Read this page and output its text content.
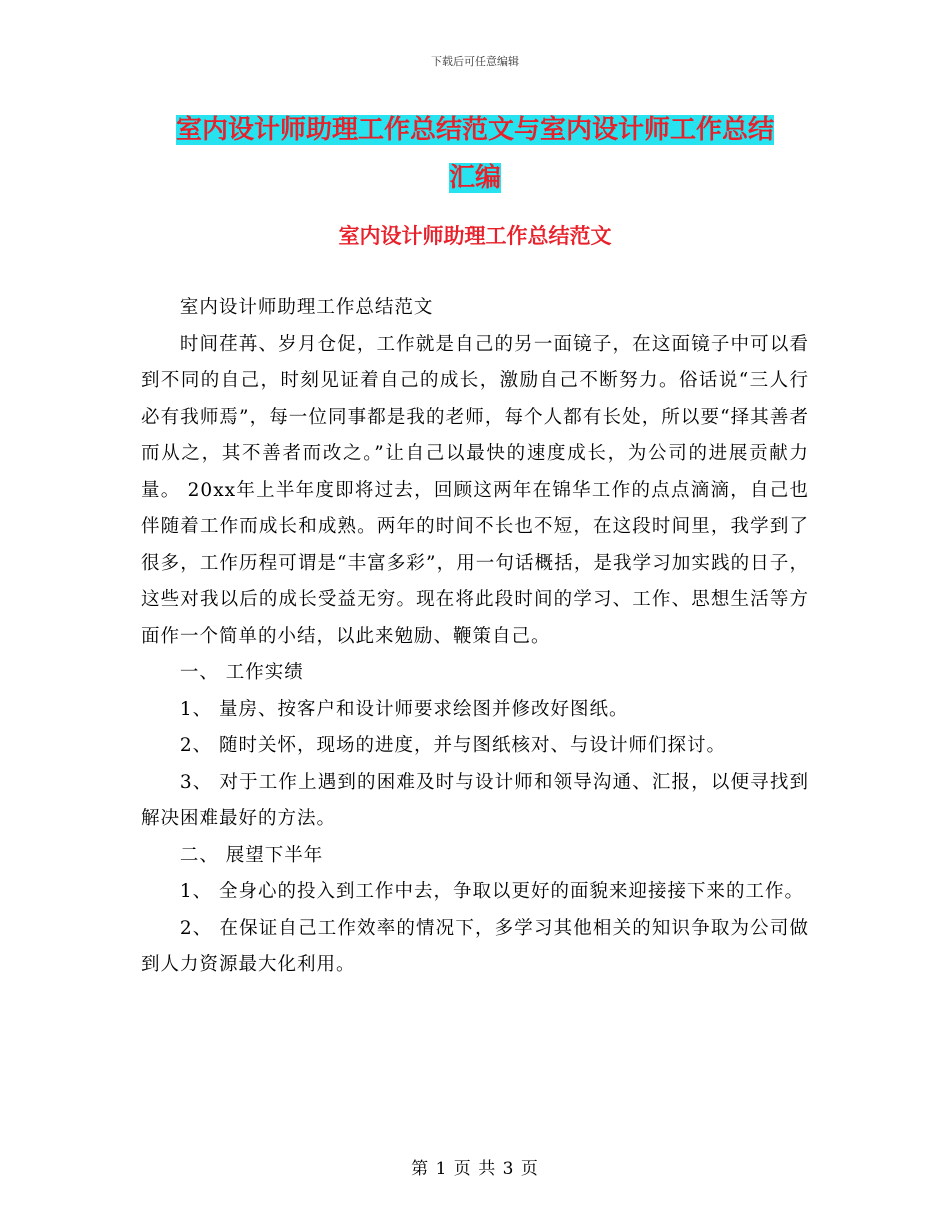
下载后可任意编辑
室内设计师助理工作总结范文与室内设计师工作总结
汇编
室内设计师助理工作总结范文

室内设计师助理工作总结范文

时间荏苒、岁月仓促，工作就是自己的另一面镜子，在这面镜子中可以看到不同的自己，时刻见证着自己的成长，激励自己不断努力。俗话说“三人行必有我师焉”，每一位同事都是我的老师，每个人都有长处，所以要“择其善者而从之，其不善者而改之。”让自己以最快的速度成长，为公司的进展贡献力量。 20xx年上半年度即将过去，回顾这两年在锦华工作的点点滴滴，自己也伴随着工作而成长和成熟。两年的时间不长也不短，在这段时间里，我学到了很多，工作历程可谓是“丰富多彩”，用一句话概括，是我学习加实践的日子，这些对我以后的成长受益无穷。现在将此段时间的学习、工作、思想生活等方面作一个简单的小结，以此来勉励、鞭策自己。

一、 工作实绩

1、 量房、按客户和设计师要求绘图并修改好图纸。

2、 随时关怀，现场的进度，并与图纸核对、与设计师们探讨。

3、 对于工作上遇到的困难及时与设计师和领导沟通、汇报，以便寻找到解决困难最好的方法。

二、 展望下半年

1、 全身心的投入到工作中去，争取以更好的面貌来迎接接下来的工作。

2、 在保证自己工作效率的情况下，多学习其他相关的知识争取为公司做到人力资源最大化利用。

第 1 页 共 3 页
